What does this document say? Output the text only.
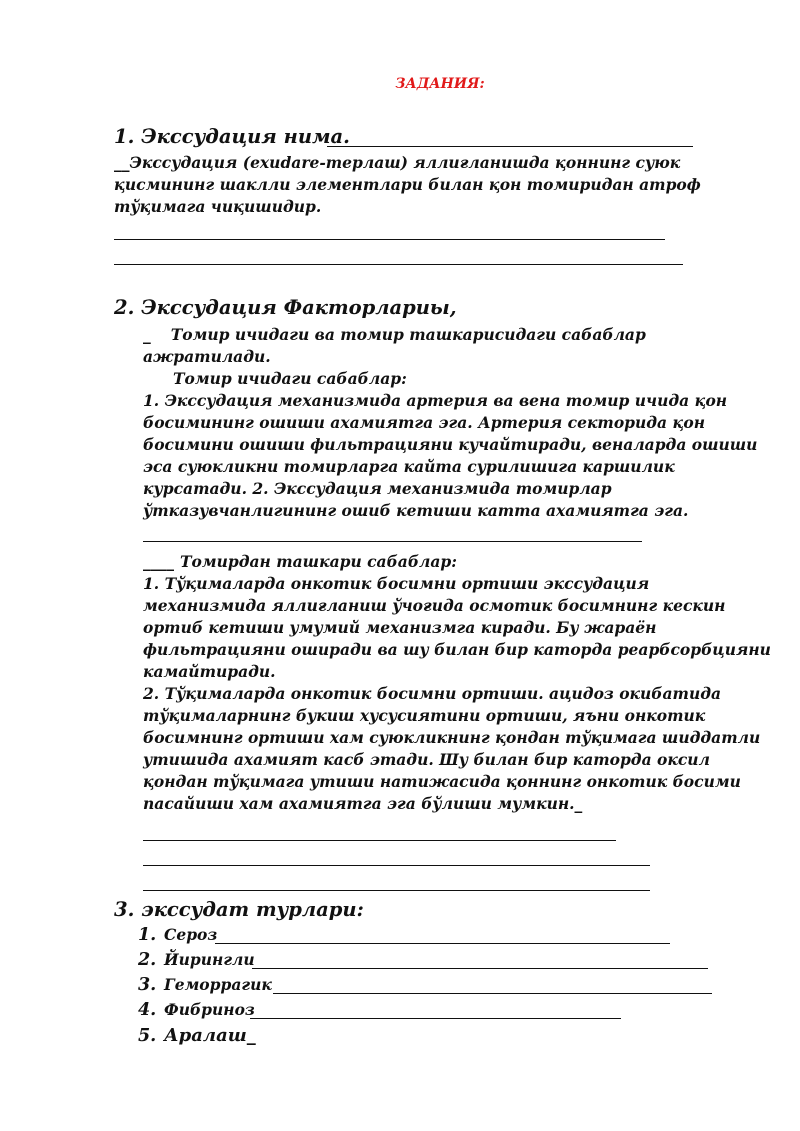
ЗАДАНИЯ:
1. Экссудация нима.
__Экссудация (exudare-терлаш) яллиғланишда қоннинг суюк
қисмининг шаклли элементлари билан қон томиридан атроф
тўқимага чиқишидир.
2. Экссудация Факторлариы,
_ Томир ичидаги ва томир ташкарисидаги сабаблар
ажратилади.
Томир ичидаги сабаблар:
1. Экссудация механизмида артерия ва вена томир ичида қон
босимининг ошиши ахамиятга эга. Артерия секторида қон
босимини ошиши фильтрацияни кучайтиради, веналарда ошиши
эса суюкликни томирларга кайта сурилишига каршилик
курсатади. 2. Экссудация механизмида томирлар
ўтказувчанлигининг ошиб кетиши катта ахамиятга эга.
____ Томирдан ташкари сабаблар:
1. Тўқималарда онкотик босимни ортиши экссудация
механизмида яллиғланиш ўчоғида осмотик босимнинг кескин
ортиб кетиши умумий механизмга киради. Бу жараён
фильтрацияни оширади ва шу билан бир каторда реарбсорбцияни
камайтиради.
2. Тўқималарда онкотик босимни ортиши. ацидоз окибатида
тўқималарнинг букиш хусусиятини ортиши, яъни онкотик
босимнинг ортиши хам суюкликнинг қондан тўқимага шиддатли
утишида ахамият касб этади. Шу билан бир каторда оксил
қондан тўқимага утиши натижасида қоннинг онкотик босими
пасайиши хам ахамиятга эга бўлиши мумкин._
3. экссудат турлари:
1. Сероз
2. Йирингли
3. Геморрагик
4. Фибриноз
5. Аралаш_
